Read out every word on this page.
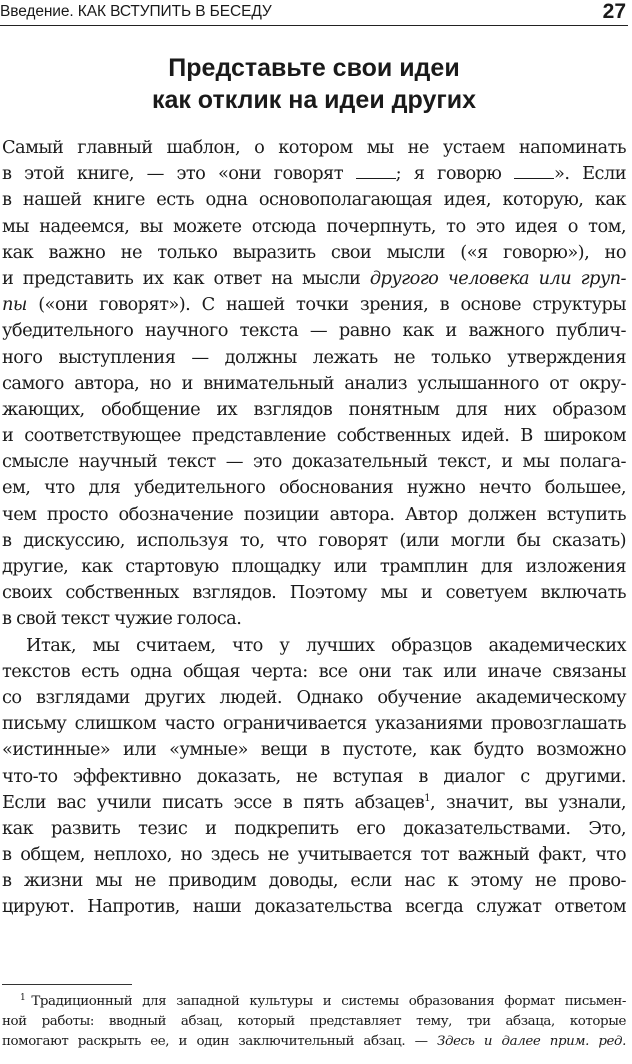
Введение. КАК ВСТУПИТЬ В БЕСЕДУ	27
Представьте свои идеи
как отклик на идеи других

Самый главный шаблон, о котором мы не устаем напоминать
в этой книге, — это «они говорят	; я говорю	». Если
в нашей книге есть одна основополагающая идея, которую, как
мы надеемся, вы можете отсюда почерпнуть, то это идея о том,
как важно не только выразить свои мысли («я говорю»), но
и представить их как ответ на мысли другого человека или груп-
пы («они говорят»). С нашей точки зрения, в основе структуры
убедительного научного текста — равно как и важного публич-
ного выступления — должны лежать не только утверждения
самого автора, но и внимательный анализ услышанного от окру-
жающих, обобщение их взглядов понятным для них образом
и соответствующее представление собственных идей. В широком
смысле научный текст — это доказательный текст, и мы полага-
ем, что для убедительного обоснования нужно нечто большее,
чем просто обозначение позиции автора. Автор должен вступить
в дискуссию, используя то, что говорят (или могли бы сказать)
другие, как стартовую площадку или трамплин для изложения
своих собственных взглядов. Поэтому мы и советуем включать
в свой текст чужие голоса.

Итак, мы считаем, что у лучших образцов академических
текстов есть одна общая черта: все они так или иначе связаны
со взглядами других людей. Однако обучение академическому
письму слишком часто ограничивается указаниями провозглашать
«истинные» или «умные» вещи в пустоте, как будто возможно
что-то эффективно доказать, не вступая в диалог с другими.
Если вас учили писать эссе в пять абзацев$^1$, значит, вы узнали,
как развить тезис и подкрепить его доказательствами. Это,
в общем, неплохо, но здесь не учитывается тот важный факт, что
в жизни мы не приводим доводы, если нас к этому не прово-
цируют. Напротив, наши доказательства всегда служат ответом

$^1$ Традиционный для западной культуры и системы образования формат письмен-
ной работы: вводный абзац, который представляет тему, три абзаца, которые
помогают раскрыть ее, и один заключительный абзац. — Здесь и далее прим. ред.
